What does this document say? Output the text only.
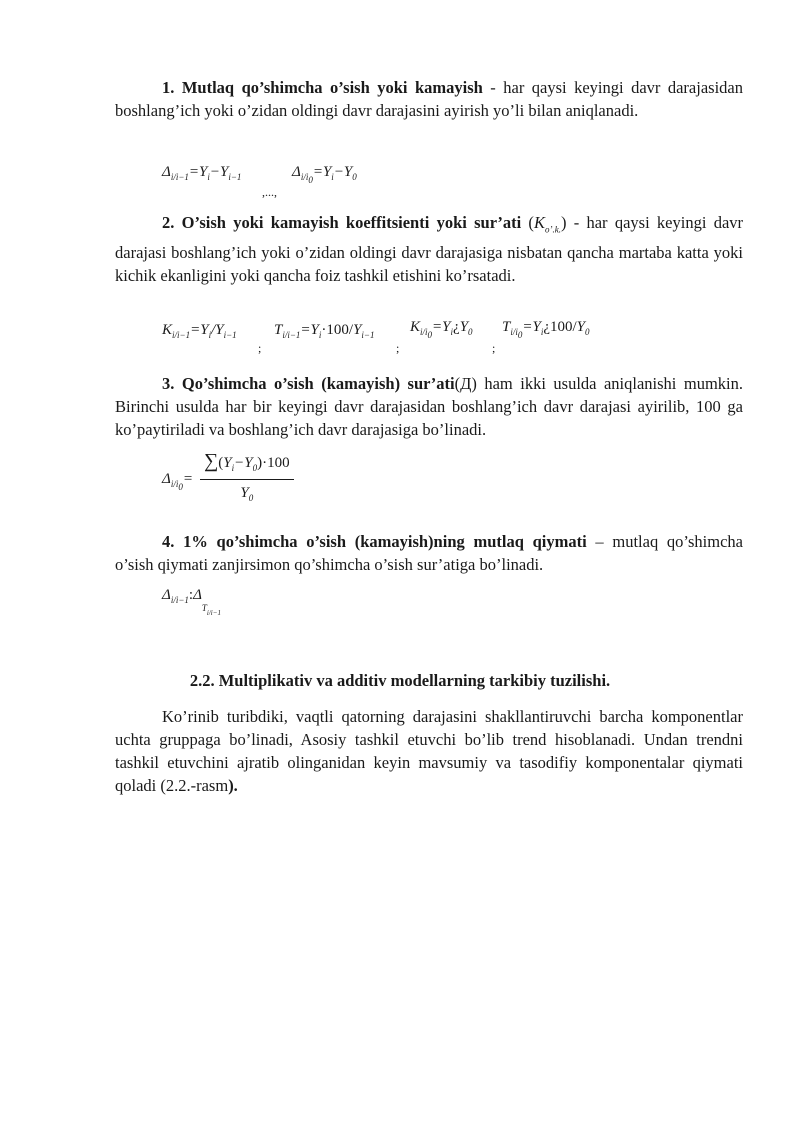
1. Mutlaq qo’shimcha o’sish yoki kamayish - har qaysi keyingi davr darajasidan boshlang’ich yoki o’zidan oldingi davr darajasini ayirish yo’li bilan aniqlanadi.

$\Delta_{i/i-1}=Y_i-Y_{i-1}$
,...,
$\Delta_{i/i_0}=Y_i-Y_0$

2. O’sish yoki kamayish koeffitsienti yoki sur’ati $(K_{o’.k.})$ - har qaysi keyingi davr darajasi boshlang’ich yoki o’zidan oldingi davr darajasiga nisbatan qancha martaba katta yoki kichik ekanligini yoki qancha foiz tashkil etishini ko’rsatadi.

$K_{i/i-1}=Y_i/Y_{i-1}$
;
$T_{i/i-1}=Y_i\cdot 100/Y_{i-1}$
;
$K_{i/i_0}=Y_i¿Y_0$
;
$T_{i/i_0}=Y_i¿100/Y_0$

3. Qo’shimcha o’sish (kamayish) sur’ati(Д) ham ikki usulda aniqlanishi mumkin. Birinchi usulda har bir keyingi davr darajasidan boshlang’ich davr darajasi ayirilib, 100 ga ko’paytiriladi va boshlang’ich davr darajasiga bo’linadi.

$\Delta_{i/i_0}= \frac{\sum(Y_i-Y_0)\cdot 100}{Y_0}$

4. 1% qo’shimcha o’sish (kamayish)ning mutlaq qiymati – mutlaq qo’shimcha o’sish qiymati zanjirsimon qo’shimcha o’sish sur’atiga bo’linadi.

$\Delta_{i/i-1}:\Delta_{Ti/i-1}$
2.2. Multiplikativ va additiv modellarning tarkibiy tuzilishi.

Ko’rinib turibdiki, vaqtli qatorning darajasini shakllantiruvchi barcha komponentlar uchta gruppaga bo’linadi, Asosiy tashkil etuvchi bo’lib trend hisoblanadi. Undan trendni tashkil etuvchini ajratib olinganidan keyin mavsumiy va tasodifiy komponentalar qiymati qoladi (2.2.-rasm).
